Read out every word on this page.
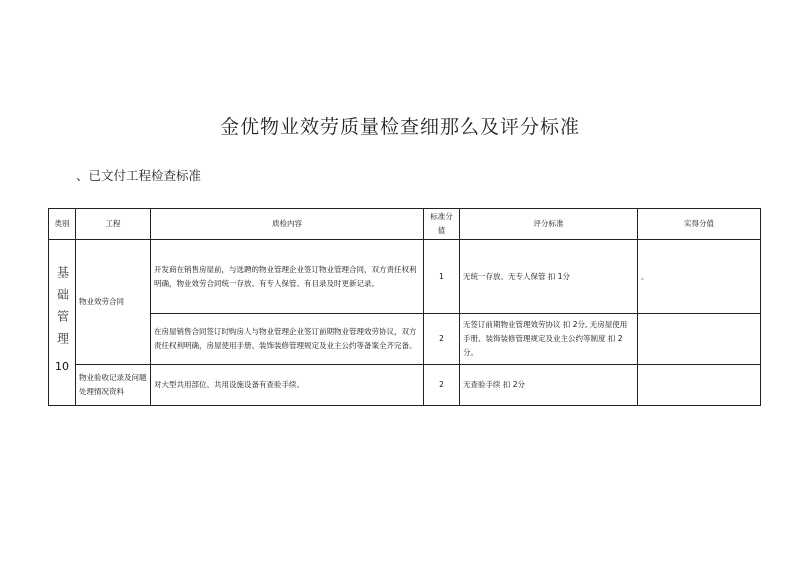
金优物业效劳质量检查细那么及评分标准
、已文付工程检查标准
类别	工程	质检内容	标准分值	评分标准	实得分值

基础管理
10	物业效劳合同	开发商在销售房屋前，与选聘的物业管理企业签订物业管理合同，双方责任权利明确，物业效劳合同统一存放、有专人保管、有目录及时更新记录。	1	无统一存放、无专人保管 扣 1分	。
		在房屋销售合同签订时购房人与物业管理企业签订前期物业管理效劳协议，双方责任权利明确，房屋使用手册、装饰装修管理规定及业主公约等备案全齐完备。	2	无签订前期物业管理效劳协议 扣 2分, 无房屋使用手册、装饰装修管理规定及业主公约等制度 扣 2分。	
	物业验收记录及问题处理情况资料	对大型共用部位、共用设施设备有查验手续。	2	无查验手续 扣 2分	
